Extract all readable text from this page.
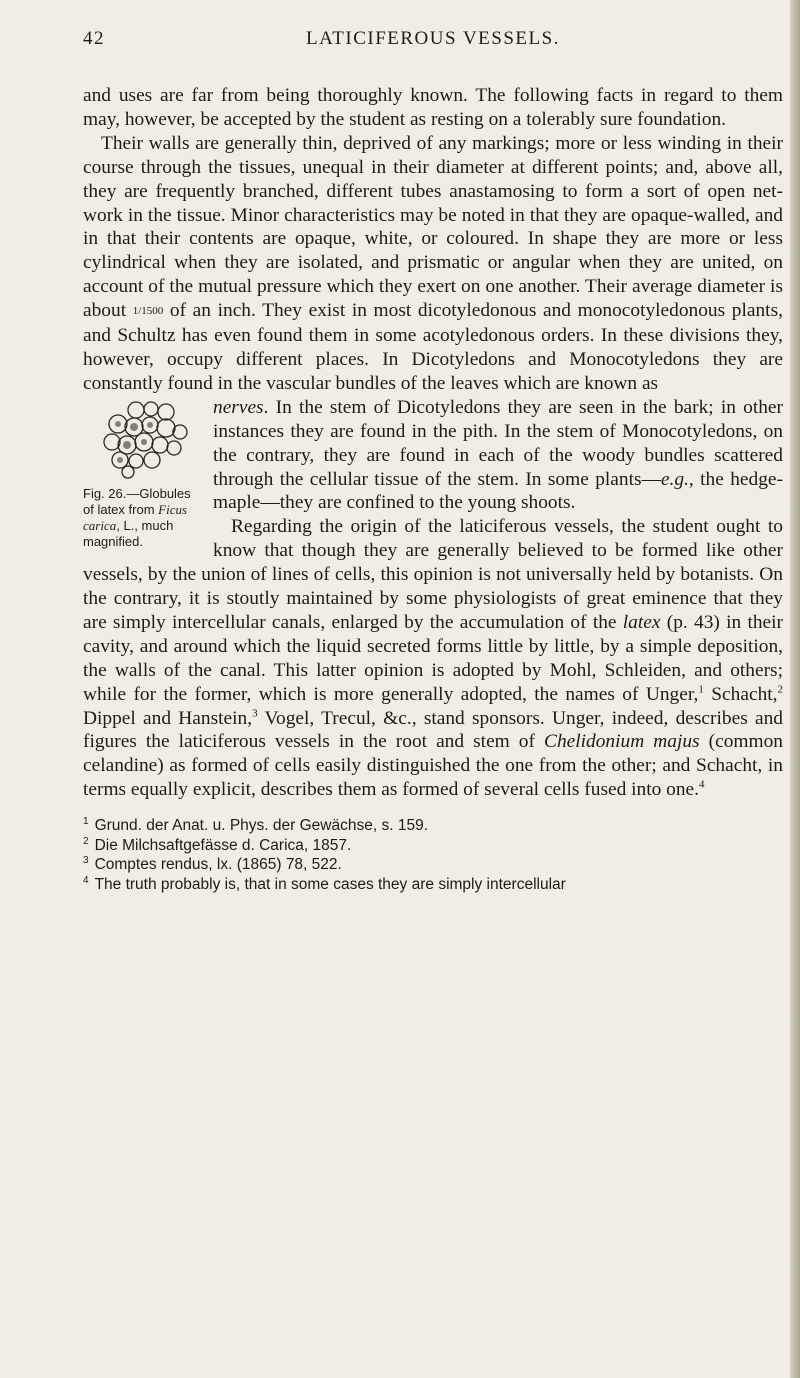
42	LATICIFEROUS VESSELS.

and uses are far from being thoroughly known. The following facts in regard to them may, however, be accepted by the student as resting on a tolerably sure foundation.

Their walls are generally thin, deprived of any markings; more or less winding in their course through the tissues, unequal in their diameter at different points; and, above all, they are frequently branched, different tubes anastamosing to form a sort of open net-work in the tissue. Minor characteristics may be noted in that they are opaque-walled, and in that their contents are opaque, white, or coloured. In shape they are more or less cylindrical when they are isolated, and prismatic or angular when they are united, on account of the mutual pressure which they exert on one another. Their average diameter is about 1/1500 of an inch. They exist in most dicotyledonous and monocotyledonous plants, and Schultz has even found them in some acotyledonous orders. In these divisions they, however, occupy different places. In Dicotyledons and Monocotyledons they are constantly found in the vascular bundles of the leaves which are known as

Fig. 26.—Globules of latex from Ficus carica, L., much magnified.
nerves. In the stem of Dicotyledons they are seen in the bark; in other instances they are found in the pith. In the stem of Monocotyledons, on the contrary, they are found in each of the woody bundles scattered through the cellular tissue of the stem. In some plants—e.g., the hedge-maple—they are confined to the young shoots.

Regarding the origin of the laticiferous vessels, the student ought to know that though they are generally believed to be formed like other vessels, by the union of lines of cells, this opinion is not universally held by botanists. On the contrary, it is stoutly maintained by some physiologists of great eminence that they are simply intercellular canals, enlarged by the accumulation of the latex (p. 43) in their cavity, and around which the liquid secreted forms little by little, by a simple deposition, the walls of the canal. This latter opinion is adopted by Mohl, Schleiden, and others; while for the former, which is more generally adopted, the names of Unger,$^1$ Schacht,$^2$ Dippel and Hanstein,$^3$ Vogel, Trecul, &c., stand sponsors. Unger, indeed, describes and figures the laticiferous vessels in the root and stem of Chelidonium majus (common celandine) as formed of cells easily distinguished the one from the other; and Schacht, in terms equally explicit, describes them as formed of several cells fused into one.$^4$

$^1$ Grund. der Anat. u. Phys. der Gewächse, s. 159.
$^2$ Die Milchsaftgefässe d. Carica, 1857.
$^3$ Comptes rendus, lx. (1865) 78, 522.
$^4$ The truth probably is, that in some cases they are simply intercellular
